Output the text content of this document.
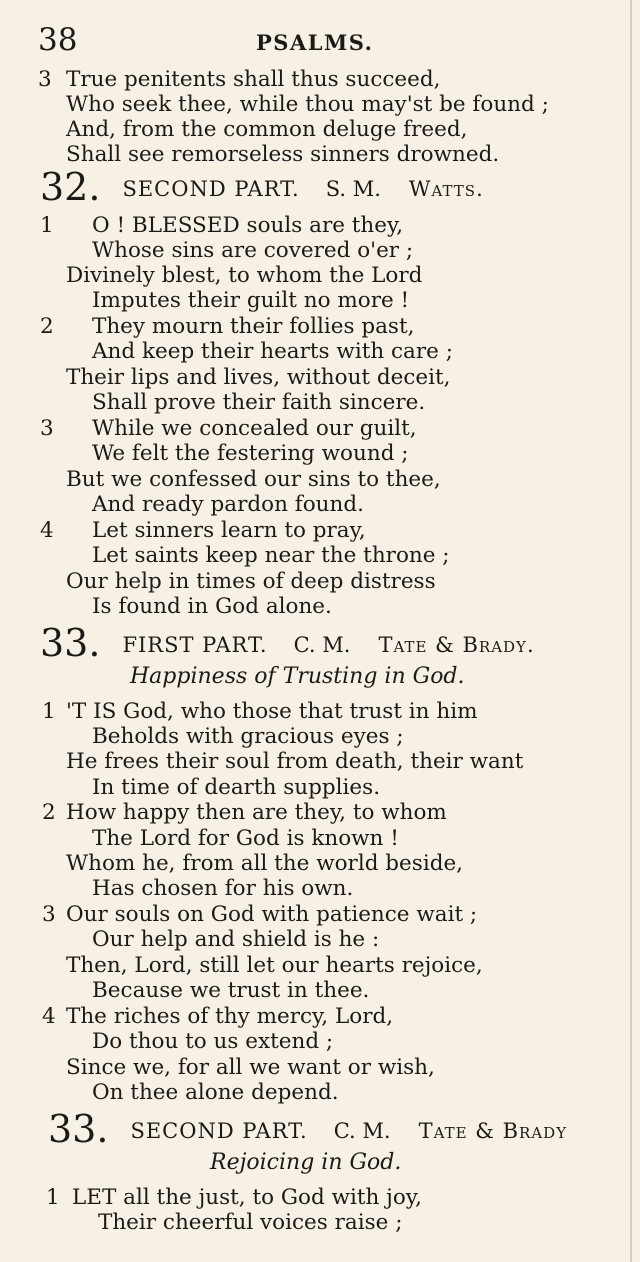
38	PSALMS.
3 True penitents shall thus succeed,
Who seek thee, while thou may'st be found ;
And, from the common deluge freed,
Shall see remorseless sinners drowned.
32. SECOND PART. S. M. Watts.
1 O ! BLESSED souls are they,
Whose sins are covered o'er ;
Divinely blest, to whom the Lord
Imputes their guilt no more !
2 They mourn their follies past,
And keep their hearts with care ;
Their lips and lives, without deceit,
Shall prove their faith sincere.
3 While we concealed our guilt,
We felt the festering wound ;
But we confessed our sins to thee,
And ready pardon found.
4 Let sinners learn to pray,
Let saints keep near the throne ;
Our help in times of deep distress
Is found in God alone.
33. FIRST PART. C. M. Tate & Brady.
Happiness of Trusting in God.
1 'T IS God, who those that trust in him
Beholds with gracious eyes ;
He frees their soul from death, their want
In time of dearth supplies.
2 How happy then are they, to whom
The Lord for God is known !
Whom he, from all the world beside,
Has chosen for his own.
3 Our souls on God with patience wait ;
Our help and shield is he :
Then, Lord, still let our hearts rejoice,
Because we trust in thee.
4 The riches of thy mercy, Lord,
Do thou to us extend ;
Since we, for all we want or wish,
On thee alone depend.
33. SECOND PART. C. M. Tate & Brady
Rejoicing in God.
1 LET all the just, to God with joy,
Their cheerful voices raise ;
